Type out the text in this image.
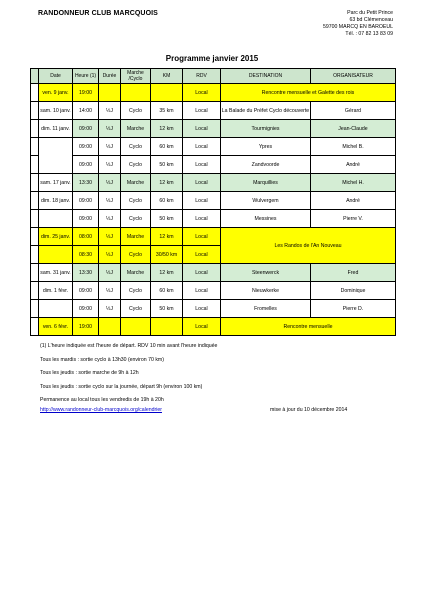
RANDONNEUR CLUB MARCQUOIS	Parc du Petit Prince
63 bd Clémenceau
59700 MARCQ EN BAROEUL
Tél. : 07 82 13 83 09
Programme janvier 2015
	Date	Heure (1)	Durée	Marche /Cyclo	KM	RDV	DESTINATION	ORGANISATEUR
	ven. 9 janv.	19:00				Local	Rencontre mensuelle et Galette des rois	
	sam. 10 janv.	14:00	½J	Cyclo	35 km	Local	La Balade du Préfet Cyclo découverte	Gérard
	dim. 11 janv.	09:00	½J	Marche	12 km	Local	Tourmignies	Jean-Claude
		09:00	½J	Cyclo	60 km	Local	Ypres	Michel B.
		09:00	½J	Cyclo	50 km	Local	Zandvoorde	André
	sam. 17 janv.	13:30	½J	Marche	12 km	Local	Marquillies	Michel H.
	dim. 18 janv.	09:00	½J	Cyclo	60 km	Local	Wulvergem	André
		09:00	½J	Cyclo	50 km	Local	Messines	Pierre V.
	dim. 25 janv.	08:00	½J	Marche	12 km	Local	Les Randos de l'An Nouveau	
		08:30	½J	Cyclo	30/50 km	Local		
	sam. 31 janv.	13:30	½J	Marche	12 km	Local	Steenwerck	Fred
	dim. 1 févr.	09:00	½J	Cyclo	60 km	Local	Nieuwkerke	Dominique
		09:00	½J	Cyclo	50 km	Local	Fromelles	Pierre D.
	ven. 6 févr.	19:00				Local	Rencontre mensuelle	
(1) L'heure indiquée est l'heure de départ. RDV 10 min avant l'heure indiquée
Tous les mardis : sortie cyclo à 13h30 (environ 70 km)
Tous les jeudis : sortie marche de 9h à 12h
Tous les jeudis : sortie cyclo sur la journée, départ 9h (environ 100 km)
Permanence au local tous les vendredis de 19h à 20h
http://www.randonneur-club-marcquois.org/calendrier	mise à jour du 10 décembre 2014
